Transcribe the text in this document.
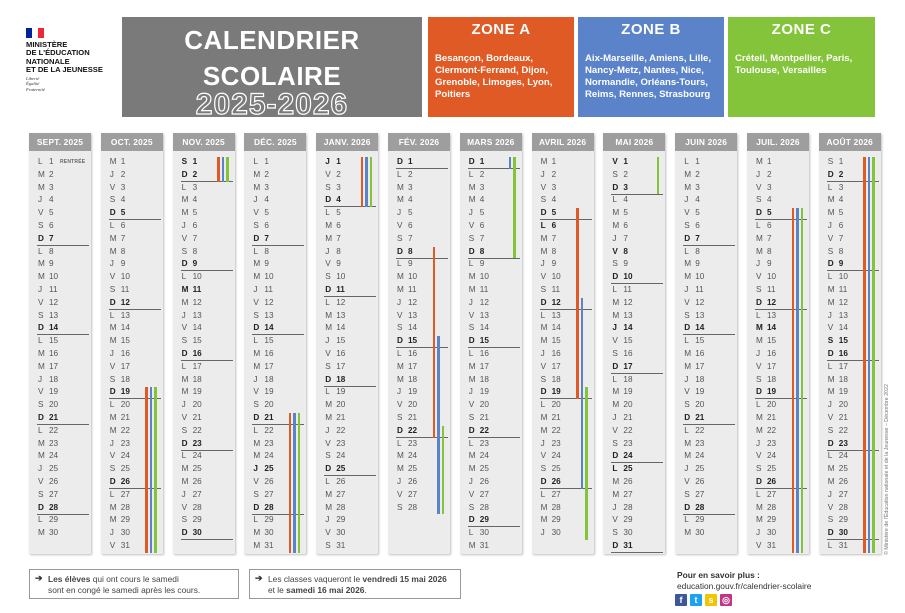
MINISTÈRE
DE L'ÉDUCATION
NATIONALE
ET DE LA JEUNESSE
Liberté
Égalité
Fraternité
CALENDRIER
SCOLAIRE
2025-2026
ZONE A
Besançon, Bordeaux, Clermont-Ferrand, Dijon, Grenoble, Limoges, Lyon, Poitiers
ZONE B
Aix-Marseille, Amiens, Lille, Nancy-Metz, Nantes, Nice, Normandie, Orléans-Tours, Reims, Rennes, Strasbourg
ZONE C
Créteil, Montpellier, Paris, Toulouse, Versailles
SEPT. 2025
L 1 RENTRÉE
M 2
M 3
J 4
V 5
S 6
D 7
L 8
M 9
M 10
J 11
V 12
S 13
D 14
L 15
M 16
M 17
J 18
V 19
S 20
D 21
L 22
M 23
M 24
J 25
V 26
S 27
D 28
L 29
M 30
OCT. 2025
M 1
J 2
V 3
S 4
D 5
L 6
M 7
M 8
J 9
V 10
S 11
D 12
L 13
M 14
M 15
J 16
V 17
S 18
D 19
L 20
M 21
M 22
J 23
V 24
S 25
D 26
L 27
M 28
M 29
J 30
V 31
NOV. 2025
S 1
D 2
L 3
M 4
M 5
J 6
V 7
S 8
D 9
L 10
M 11
M 12
J 13
V 14
S 15
D 16
L 17
M 18
M 19
J 20
V 21
S 22
D 23
L 24
M 25
M 26
J 27
V 28
S 29
D 30
DÉC. 2025
L 1
M 2
M 3
J 4
V 5
S 6
D 7
L 8
M 9
M 10
J 11
V 12
S 13
D 14
L 15
M 16
M 17
J 18
V 19
S 20
D 21
L 22
M 23
M 24
J 25
V 26
S 27
D 28
L 29
M 30
M 31
JANV. 2026
J 1
V 2
S 3
D 4
L 5
M 6
M 7
J 8
V 9
S 10
D 11
L 12
M 13
M 14
J 15
V 16
S 17
D 18
L 19
M 20
M 21
J 22
V 23
S 24
D 25
L 26
M 27
M 28
J 29
V 30
S 31
FÉV. 2026
D 1
L 2
M 3
M 4
J 5
V 6
S 7
D 8
L 9
M 10
M 11
J 12
V 13
S 14
D 15
L 16
M 17
M 18
J 19
V 20
S 21
D 22
L 23
M 24
M 25
J 26
V 27
S 28
MARS 2026
D 1
L 2
M 3
M 4
J 5
V 6
S 7
D 8
L 9
M 10
M 11
J 12
V 13
S 14
D 15
L 16
M 17
M 18
J 19
V 20
S 21
D 22
L 23
M 24
M 25
J 26
V 27
S 28
D 29
L 30
M 31
AVRIL 2026
M 1
J 2
V 3
S 4
D 5
L 6
M 7
M 8
J 9
V 10
S 11
D 12
L 13
M 14
M 15
J 16
V 17
S 18
D 19
L 20
M 21
M 22
J 23
V 24
S 25
D 26
L 27
M 28
M 29
J 30
MAI 2026
V 1
S 2
D 3
L 4
M 5
M 6
J 7
V 8
S 9
D 10
L 11
M 12
M 13
J 14
V 15
S 16
D 17
L 18
M 19
M 20
J 21
V 22
S 23
D 24
L 25
M 26
M 27
J 28
V 29
S 30
D 31
JUIN 2026
L 1
M 2
M 3
J 4
V 5
S 6
D 7
L 8
M 9
M 10
J 11
V 12
S 13
D 14
L 15
M 16
M 17
J 18
V 19
S 20
D 21
L 22
M 23
M 24
J 25
V 26
S 27
D 28
L 29
M 30
JUIL. 2026
M 1
J 2
V 3
S 4
D 5
L 6
M 7
M 8
J 9
V 10
S 11
D 12
L 13
M 14
M 15
J 16
V 17
S 18
D 19
L 20
M 21
M 22
J 23
V 24
S 25
D 26
L 27
M 28
M 29
J 30
V 31
AOÛT 2026
S 1
D 2
L 3
M 4
M 5
J 6
V 7
S 8
D 9
L 10
M 11
M 12
J 13
V 14
S 15
D 16
L 17
M 18
M 19
J 20
V 21
S 22
D 23
L 24
M 25
M 26
J 27
V 28
S 29
D 30
L 31
➔ Les élèves qui ont cours le samedi
sont en congé le samedi après les cours.
➔ Les classes vaqueront le vendredi 15 mai 2026
et le samedi 16 mai 2026.
Pour en savoir plus :
education.gouv.fr/calendrier-scolaire
f	t	s ◎
© Ministère de l'Éducation nationale et de la Jeunesse – Décembre 2022
